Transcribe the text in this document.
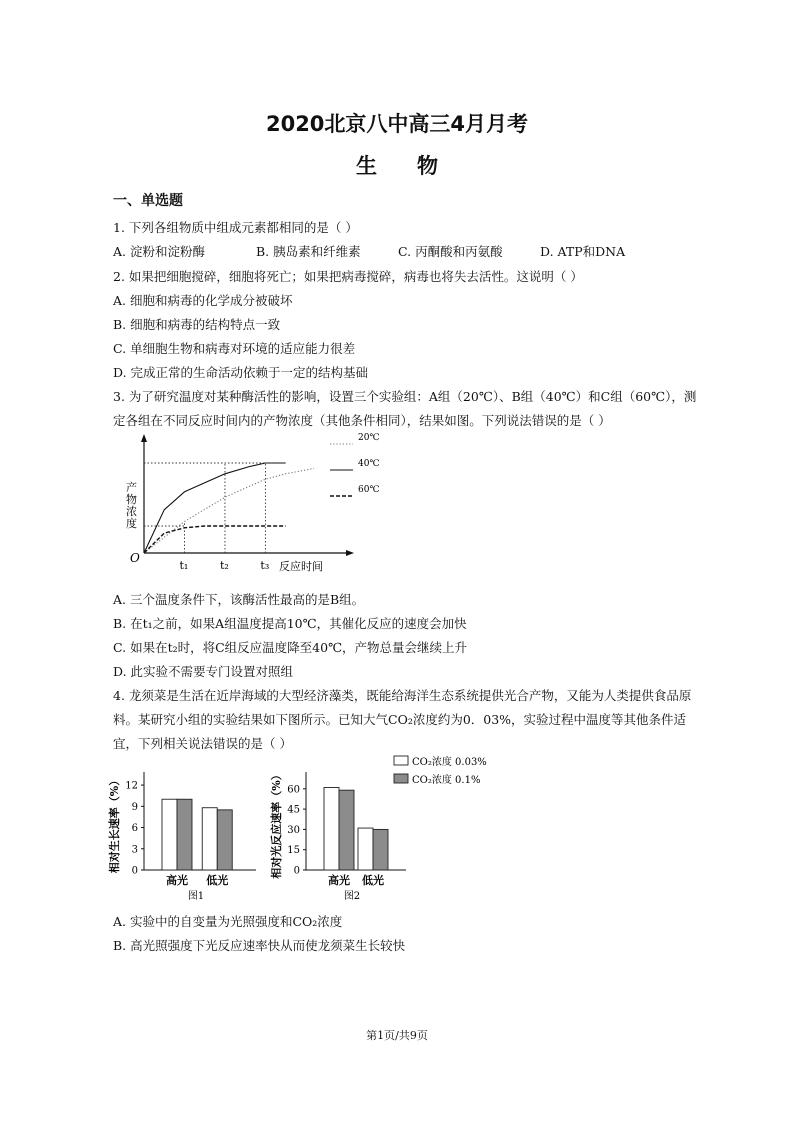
2020北京八中高三4月月考
生物
一、单选题
1. 下列各组物质中组成元素都相同的是（ ）
A. 淀粉和淀粉酶	B. 胰岛素和纤维素	C. 丙酮酸和丙氨酸	D. ATP和DNA
2. 如果把细胞搅碎，细胞将死亡；如果把病毒搅碎，病毒也将失去活性。这说明（ ）
A. 细胞和病毒的化学成分被破坏
B. 细胞和病毒的结构特点一致
C. 单细胞生物和病毒对环境的适应能力很差
D. 完成正常的生命活动依赖于一定的结构基础
3. 为了研究温度对某种酶活性的影响，设置三个实验组：A组（20℃）、B组（40℃）和C组（60℃），测
定各组在不同反应时间内的产物浓度（其他条件相同），结果如图。下列说法错误的是（ ）
O
产物浓度
反应时间
t₁	t₂	t₃
20℃
40℃
60℃
A. 三个温度条件下，该酶活性最高的是B组。
B. 在t₁之前，如果A组温度提高10℃，其催化反应的速度会加快
C. 如果在t₂时，将C组反应温度降至40℃，产物总量会继续上升
D. 此实验不需要专门设置对照组
4. 龙须菜是生活在近岸海域的大型经济藻类，既能给海洋生态系统提供光合产物，又能为人类提供食品原
料。某研究小组的实验结果如下图所示。已知大气CO₂浓度约为0．03%，实验过程中温度等其他条件适
宜，下列相关说法错误的是（ ）
0
3
6
9
12
相对生长速率（%）
高光 低光
图1
0
15
30
45
60
相对光反应速率（%）
高光 低光
图2
CO₂浓度 0.03%
CO₂浓度 0.1%
A. 实验中的自变量为光照强度和CO₂浓度
B. 高光照强度下光反应速率快从而使龙须菜生长较快
第1页/共9页
